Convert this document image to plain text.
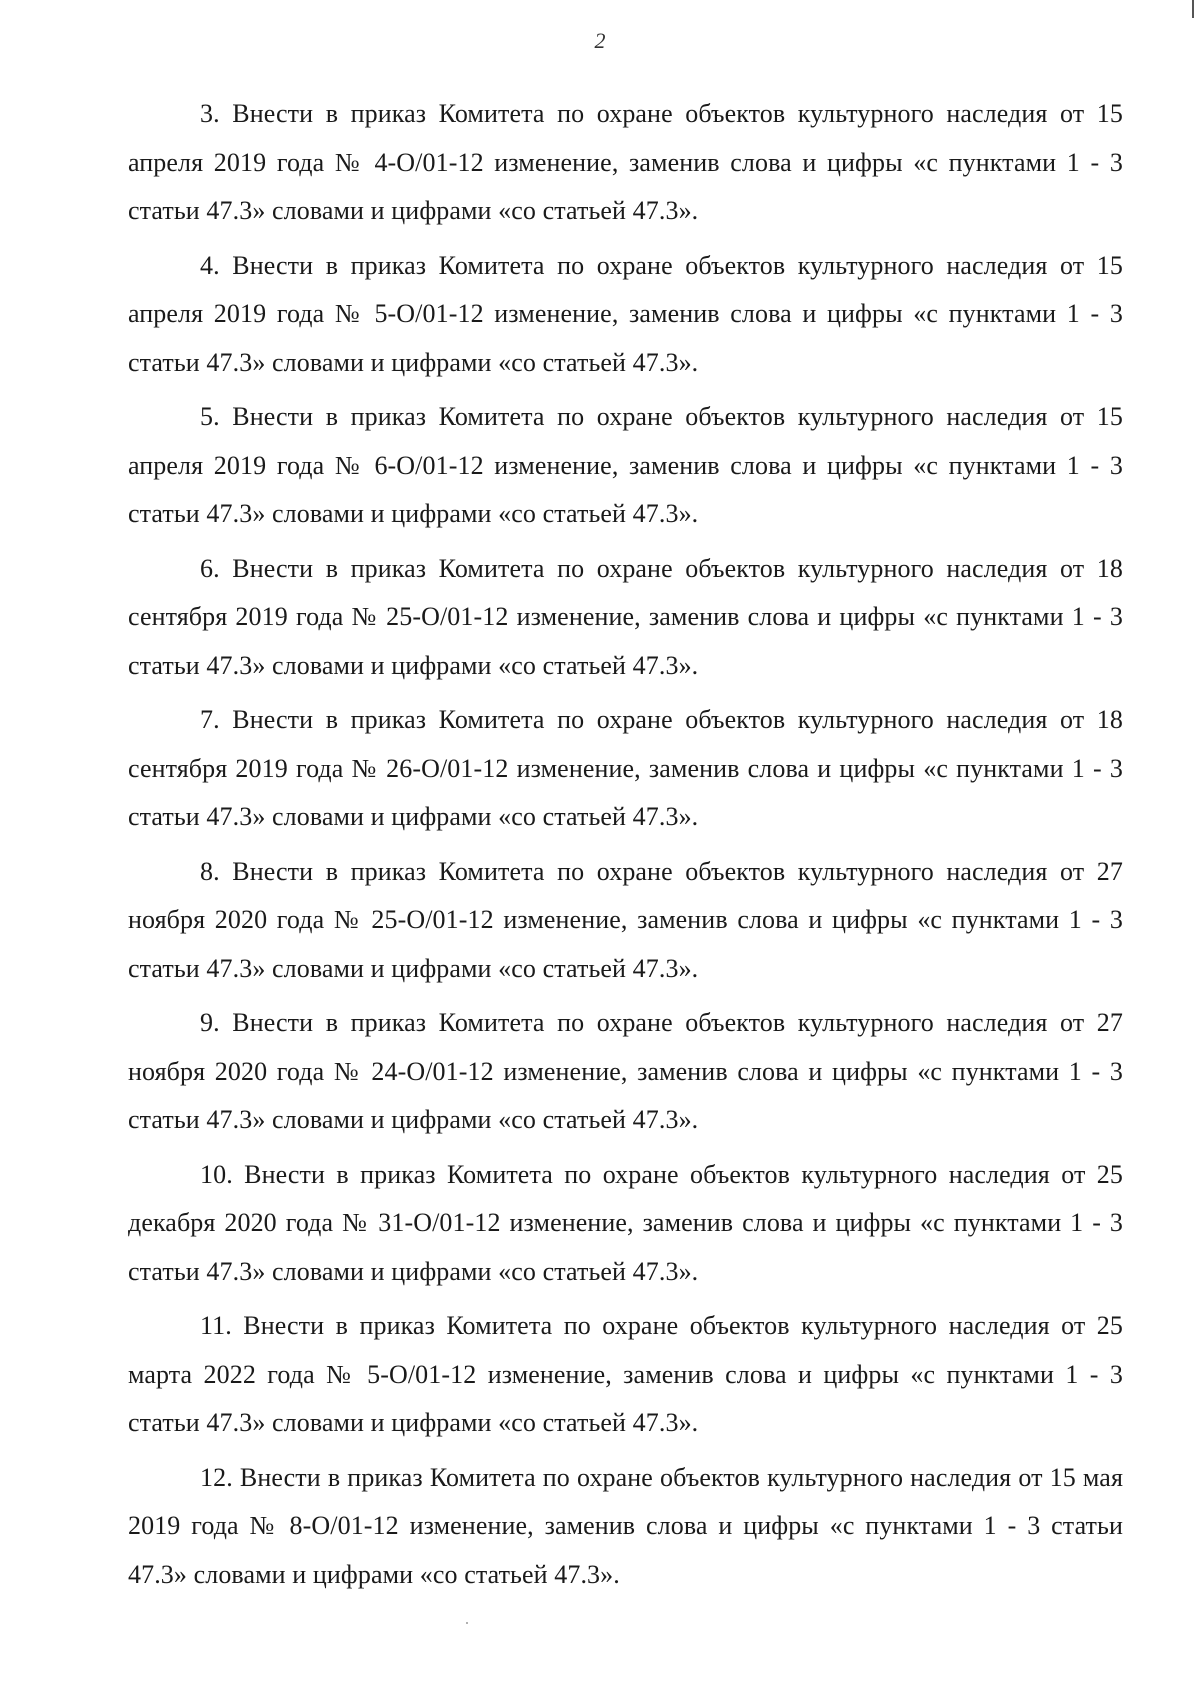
2

3. Внести в приказ Комитета по охране объектов культурного наследия от 15 апреля 2019 года № 4-О/01-12 изменение, заменив слова и цифры «с пунктами 1 - 3 статьи 47.3» словами и цифрами «со статьей 47.3».

4. Внести в приказ Комитета по охране объектов культурного наследия от 15 апреля 2019 года № 5-О/01-12 изменение, заменив слова и цифры «с пунктами 1 - 3 статьи 47.3» словами и цифрами «со статьей 47.3».

5. Внести в приказ Комитета по охране объектов культурного наследия от 15 апреля 2019 года № 6-О/01-12 изменение, заменив слова и цифры «с пунктами 1 - 3 статьи 47.3» словами и цифрами «со статьей 47.3».

6. Внести в приказ Комитета по охране объектов культурного наследия от 18 сентября 2019 года № 25-О/01-12 изменение, заменив слова и цифры «с пунктами 1 - 3 статьи 47.3» словами и цифрами «со статьей 47.3».

7. Внести в приказ Комитета по охране объектов культурного наследия от 18 сентября 2019 года № 26-О/01-12 изменение, заменив слова и цифры «с пунктами 1 - 3 статьи 47.3» словами и цифрами «со статьей 47.3».

8. Внести в приказ Комитета по охране объектов культурного наследия от 27 ноября 2020 года № 25-О/01-12 изменение, заменив слова и цифры «с пунктами 1 - 3 статьи 47.3» словами и цифрами «со статьей 47.3».

9. Внести в приказ Комитета по охране объектов культурного наследия от 27 ноября 2020 года № 24-О/01-12 изменение, заменив слова и цифры «с пунктами 1 - 3 статьи 47.3» словами и цифрами «со статьей 47.3».

10. Внести в приказ Комитета по охране объектов культурного наследия от 25 декабря 2020 года № 31-О/01-12 изменение, заменив слова и цифры «с пунктами 1 - 3 статьи 47.3» словами и цифрами «со статьей 47.3».

11. Внести в приказ Комитета по охране объектов культурного наследия от 25 марта 2022 года № 5-О/01-12 изменение, заменив слова и цифры «с пунктами 1 - 3 статьи 47.3» словами и цифрами «со статьей 47.3».

12. Внести в приказ Комитета по охране объектов культурного наследия от 15 мая 2019 года № 8-О/01-12 изменение, заменив слова и цифры «с пунктами 1 - 3 статьи 47.3» словами и цифрами «со статьей 47.3».
